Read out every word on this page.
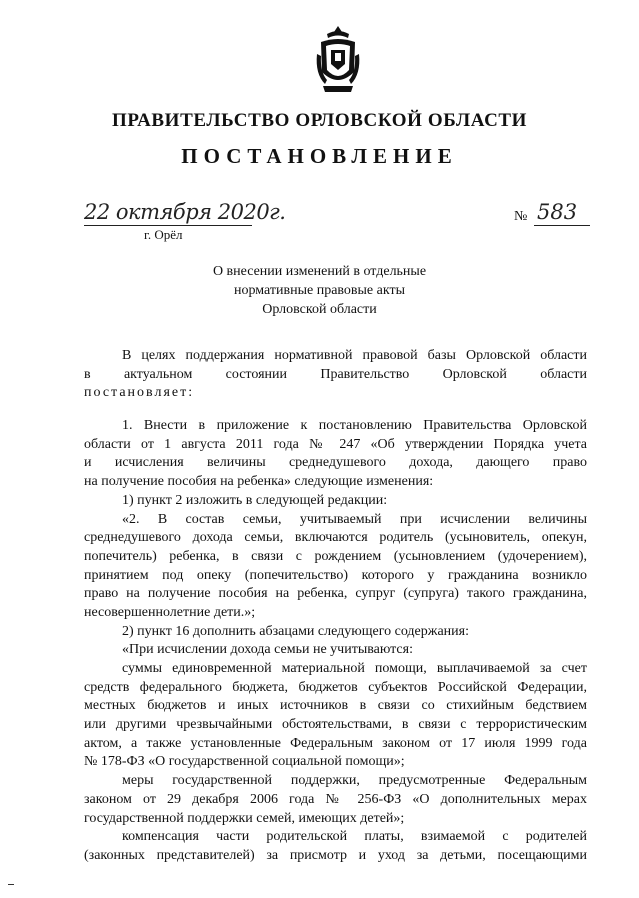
ПРАВИТЕЛЬСТВО ОРЛОВСКОЙ ОБЛАСТИ
ПОСТАНОВЛЕНИЕ
22 октября 2020г.
г. Орёл
№ 583
О внесении изменений в отдельные
нормативные правовые акты
Орловской области
В целях поддержания нормативной правовой базы Орловской области
в актуальном состоянии Правительство Орловской области
постановляет:
1. Внести в приложение к постановлению Правительства Орловской
области от 1 августа 2011 года № 247 «Об утверждении Порядка учета
и исчисления величины среднедушевого дохода, дающего право
на получение пособия на ребенка» следующие изменения:
1) пункт 2 изложить в следующей редакции:
«2. В состав семьи, учитываемый при исчислении величины
среднедушевого дохода семьи, включаются родитель (усыновитель, опекун,
попечитель) ребенка, в связи с рождением (усыновлением (удочерением),
принятием под опеку (попечительство) которого у гражданина возникло
право на получение пособия на ребенка, супруг (супруга) такого гражданина,
несовершеннолетние дети.»;
2) пункт 16 дополнить абзацами следующего содержания:
«При исчислении дохода семьи не учитываются:
суммы единовременной материальной помощи, выплачиваемой за счет
средств федерального бюджета, бюджетов субъектов Российской Федерации,
местных бюджетов и иных источников в связи со стихийным бедствием
или другими чрезвычайными обстоятельствами, в связи с террористическим
актом, а также установленные Федеральным законом от 17 июля 1999 года
№ 178-ФЗ «О государственной социальной помощи»;
меры государственной поддержки, предусмотренные Федеральным
законом от 29 декабря 2006 года № 256-ФЗ «О дополнительных мерах
государственной поддержки семей, имеющих детей»;
компенсация части родительской платы, взимаемой с родителей
(законных представителей) за присмотр и уход за детьми, посещающими
